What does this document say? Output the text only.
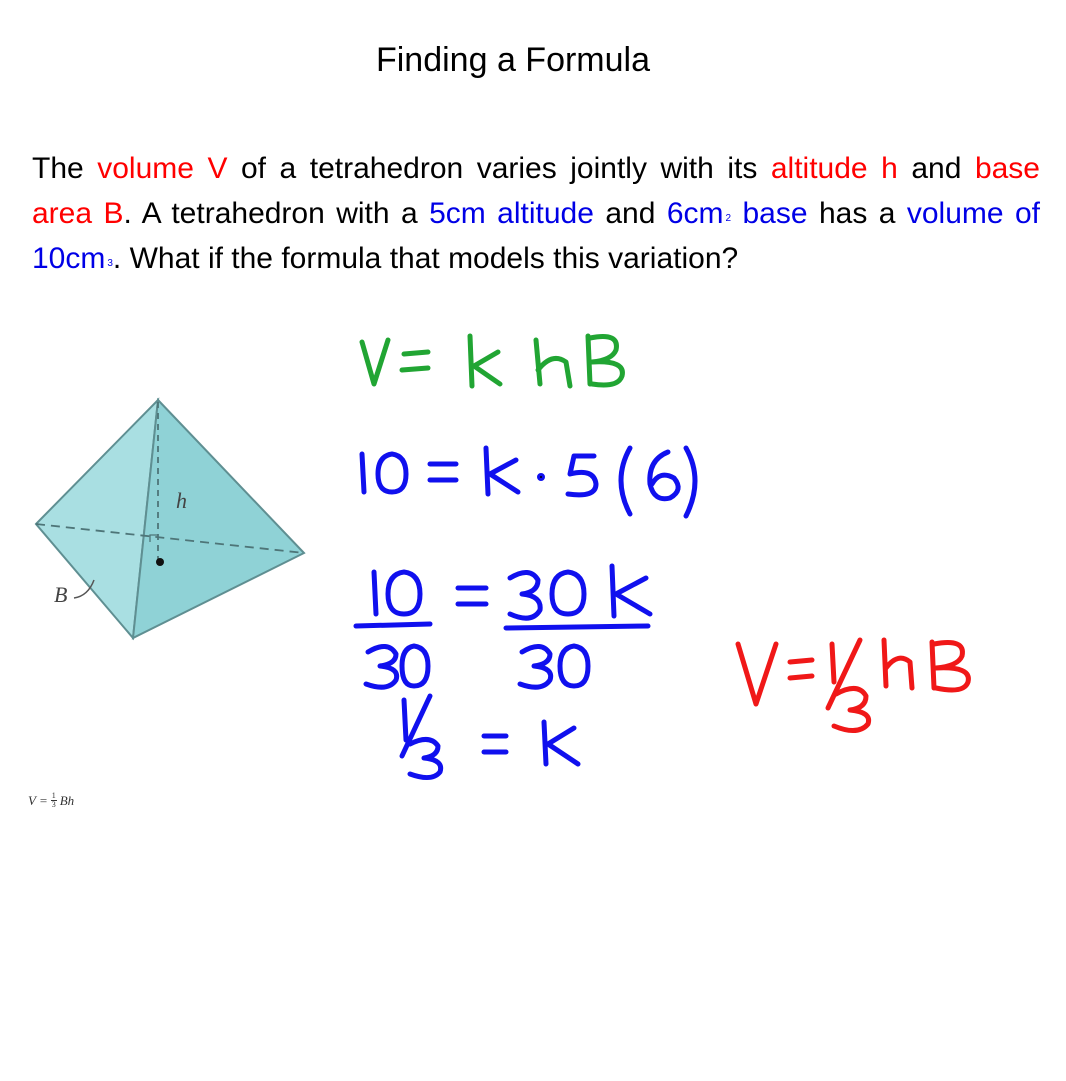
Finding a Formula
The volume V of a tetrahedron varies jointly with its altitude h and base area B. A tetrahedron with a 5cm altitude and 6cm $^2$ base has a volume of 10cm $^3$. What if the formula that models this variation?
h
B
$V = \frac{1}{3}$ Bh
